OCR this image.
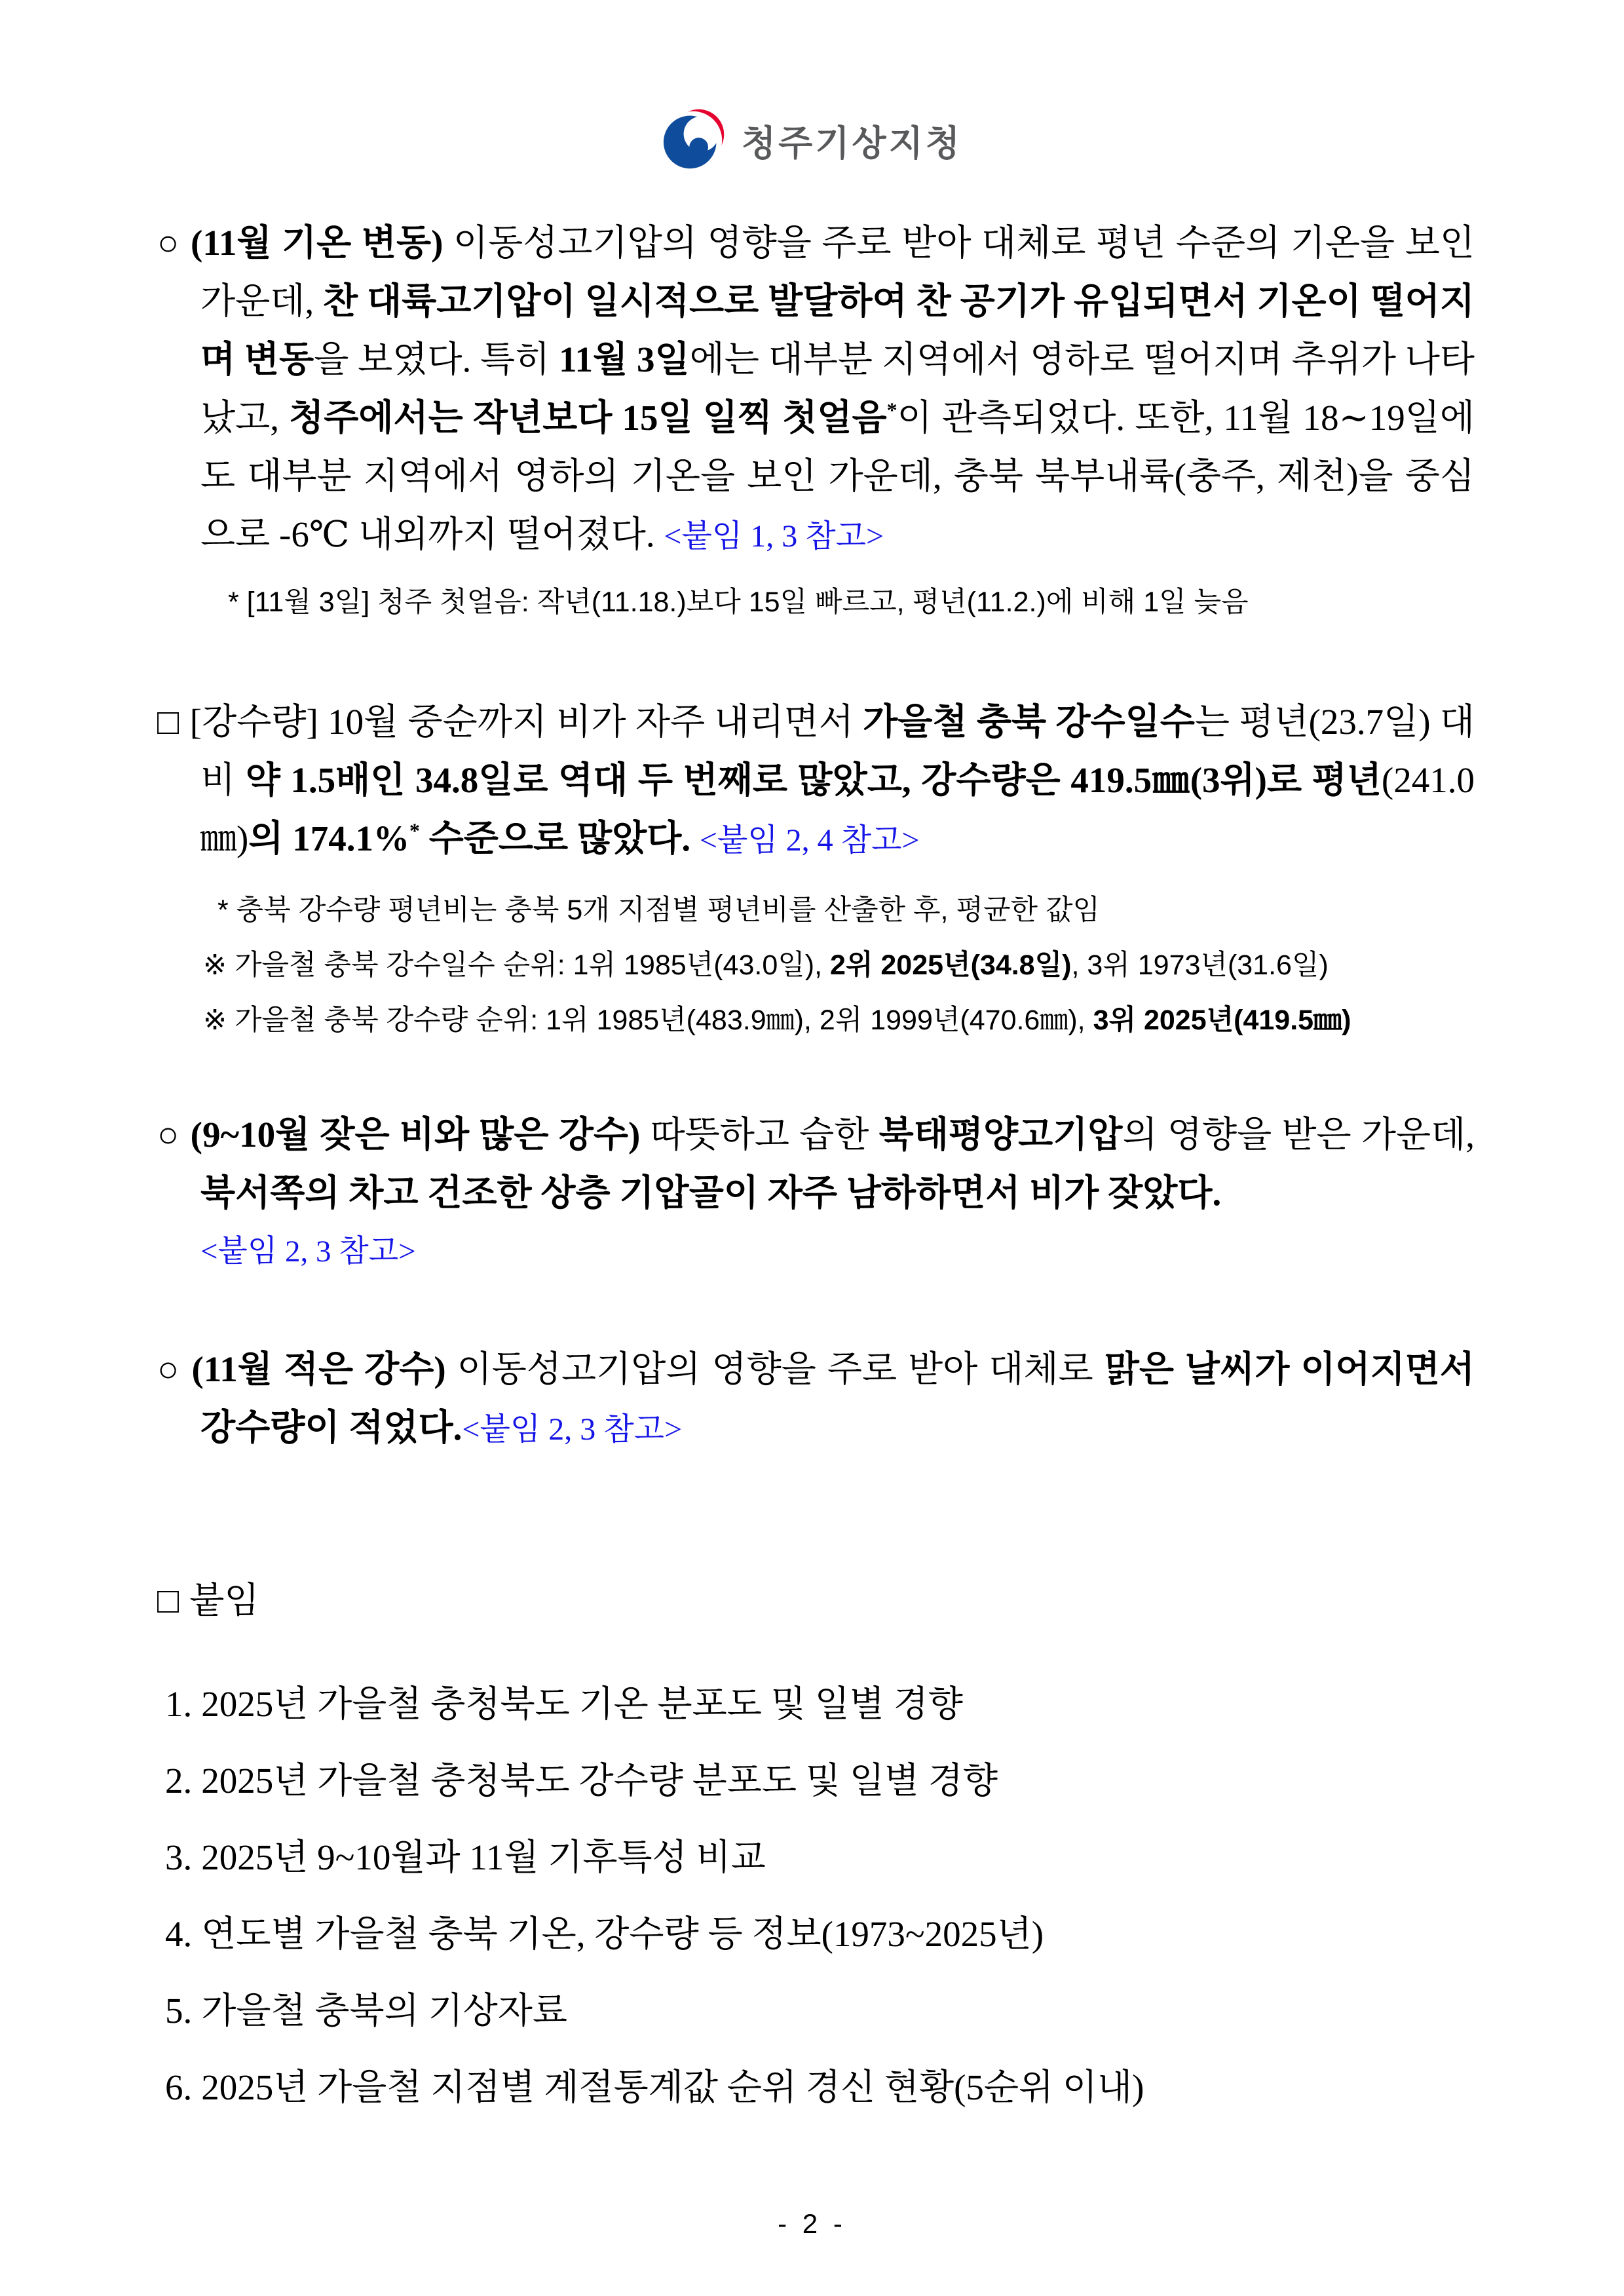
청주기상지청

○ (11월 기온 변동) 이동성고기압의 영향을 주로 받아 대체로 평년 수준의 기온을 보인 가운데, 찬 대륙고기압이 일시적으로 발달하여 찬 공기가 유입되면서 기온이 떨어지며 변동을 보였다. 특히 11월 3일에는 대부분 지역에서 영하로 떨어지며 추위가 나타났고, 청주에서는 작년보다 15일 일찍 첫얼음*이 관측되었다. 또한, 11월 18∼19일에도 대부분 지역에서 영하의 기온을 보인 가운데, 충북 북부내륙(충주, 제천)을 중심으로 -6℃ 내외까지 떨어졌다. <붙임 1, 3 참고>

* [11월 3일] 청주 첫얼음: 작년(11.18.)보다 15일 빠르고, 평년(11.2.)에 비해 1일 늦음

□ [강수량] 10월 중순까지 비가 자주 내리면서 가을철 충북 강수일수는 평년(23.7일) 대비 약 1.5배인 34.8일로 역대 두 번째로 많았고, 강수량은 419.5㎜(3위)로 평년(241.0㎜)의 174.1%* 수준으로 많았다. <붙임 2, 4 참고>

* 충북 강수량 평년비는 충북 5개 지점별 평년비를 산출한 후, 평균한 값임

※ 가을철 충북 강수일수 순위: 1위 1985년(43.0일), 2위 2025년(34.8일), 3위 1973년(31.6일)

※ 가을철 충북 강수량 순위: 1위 1985년(483.9㎜), 2위 1999년(470.6㎜), 3위 2025년(419.5㎜)

○ (9~10월 잦은 비와 많은 강수) 따뜻하고 습한 북태평양고기압의 영향을 받은 가운데, 북서쪽의 차고 건조한 상층 기압골이 자주 남하하면서 비가 잦았다.

<붙임 2, 3 참고>

○ (11월 적은 강수) 이동성고기압의 영향을 주로 받아 대체로 맑은 날씨가 이어지면서 강수량이 적었다.<붙임 2, 3 참고>

□ 붙임

1. 2025년 가을철 충청북도 기온 분포도 및 일별 경향

2. 2025년 가을철 충청북도 강수량 분포도 및 일별 경향

3. 2025년 9~10월과 11월 기후특성 비교

4. 연도별 가을철 충북 기온, 강수량 등 정보(1973~2025년)

5. 가을철 충북의 기상자료

6. 2025년 가을철 지점별 계절통계값 순위 경신 현황(5순위 이내)

- 2 -
